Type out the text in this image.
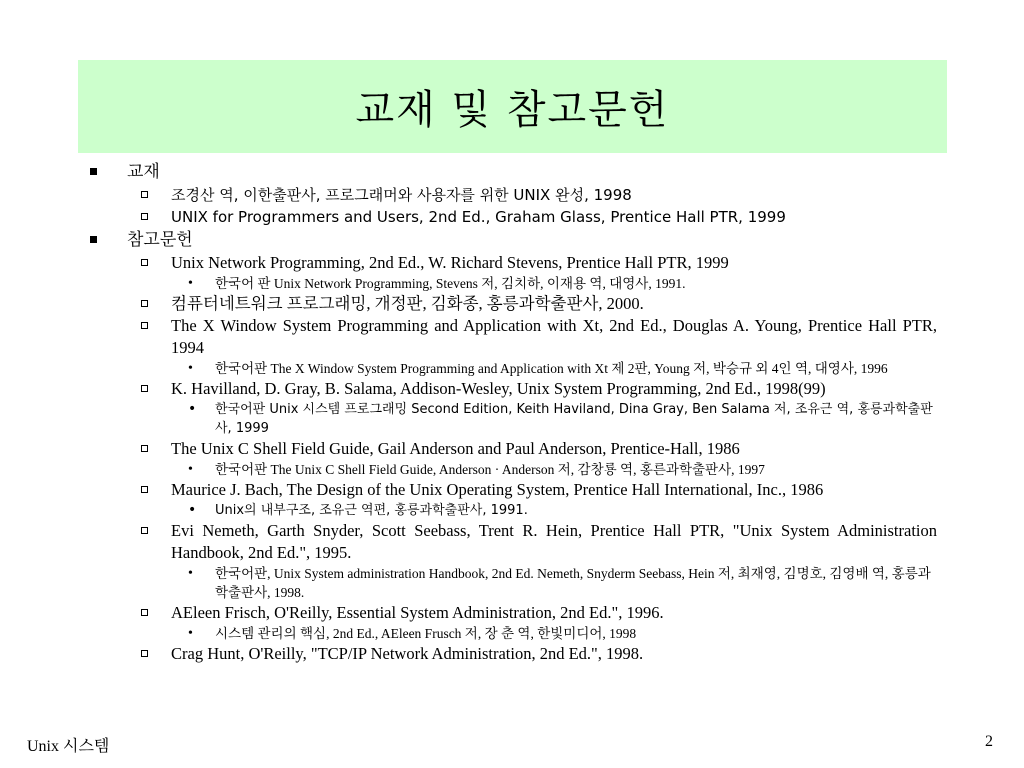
교재 및 참고문헌
교재
조경산 역, 이한출판사, 프로그래머와 사용자를 위한 UNIX 완성, 1998
UNIX for Programmers and Users, 2nd Ed., Graham Glass, Prentice Hall PTR, 1999
참고문헌
Unix Network Programming, 2nd Ed., W. Richard Stevens, Prentice Hall PTR, 1999
• 한국어 판 Unix Network Programming, Stevens 저, 김치하, 이재용 역, 대영사, 1991.
컴퓨터네트워크 프로그래밍, 개정판, 김화종, 홍릉과학출판사, 2000.
The X Window System Programming and Application with Xt, 2nd Ed., Douglas A. Young, Prentice Hall PTR, 1994
• 한국어판 The X Window System Programming and Application with Xt 제 2판, Young 저, 박승규 외 4인 역, 대영사, 1996
K. Havilland, D. Gray, B. Salama, Addison-Wesley, Unix System Programming, 2nd Ed., 1998(99)
• 한국어판 Unix 시스템 프로그래밍 Second Edition, Keith Haviland, Dina Gray, Ben Salama 저, 조유근 역, 홍릉과학출판사, 1999
The Unix C Shell Field Guide, Gail Anderson and Paul Anderson, Prentice-Hall, 1986
• 한국어판 The Unix C Shell Field Guide, Anderson · Anderson 저, 감창룡 역, 홍른과학출판사, 1997
Maurice J. Bach, The Design of the Unix Operating System, Prentice Hall International, Inc., 1986
• Unix의 내부구조, 조유근 역편, 홍릉과학출판사, 1991.
Evi Nemeth, Garth Snyder, Scott Seebass, Trent R. Hein, Prentice Hall PTR, "Unix System Administration Handbook, 2nd Ed.", 1995.
• 한국어판, Unix System administration Handbook, 2nd Ed. Nemeth, Snyderm Seebass, Hein 저, 최재영, 김명호, 김영배 역, 홍릉과학출판사, 1998.
AEleen Frisch, O'Reilly, Essential System Administration, 2nd Ed.", 1996.
• 시스템 관리의 핵심, 2nd Ed., AEleen Frusch 저, 장 춘 역, 한빛미디어, 1998
Crag Hunt, O'Reilly, "TCP/IP Network Administration, 2nd Ed.", 1998.
Unix 시스템	2
